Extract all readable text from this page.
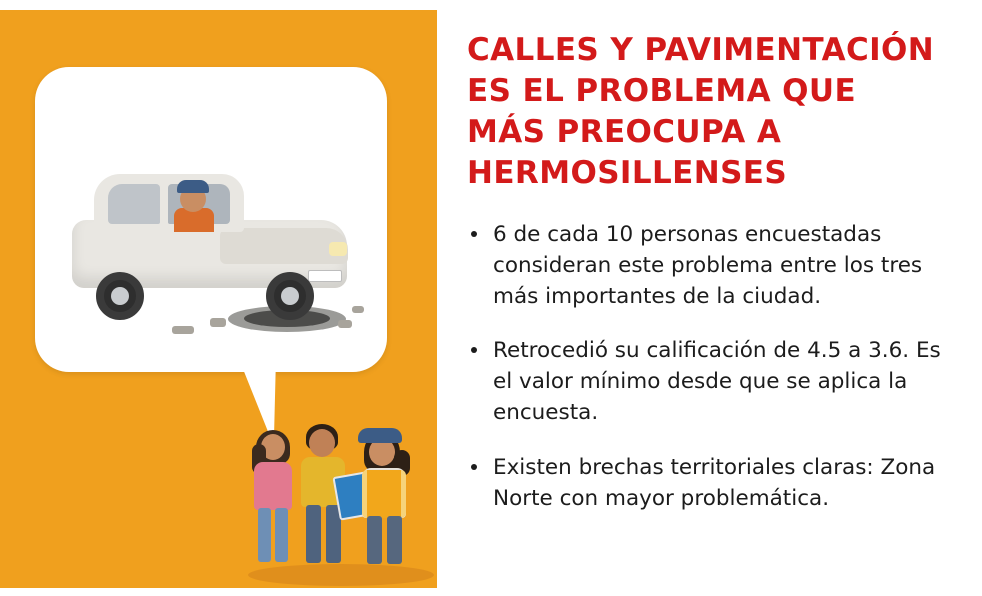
CALLES Y PAVIMENTACIÓN ES EL PROBLEMA QUE MÁS PREOCUPA A HERMOSILLENSES
6 de cada 10 personas encuestadas consideran este problema entre los tres más importantes de la ciudad.
Retrocedió su calificación de 4.5 a 3.6. Es el valor mínimo desde que se aplica la encuesta.
Existen brechas territoriales claras: Zona Norte con mayor problemática.
